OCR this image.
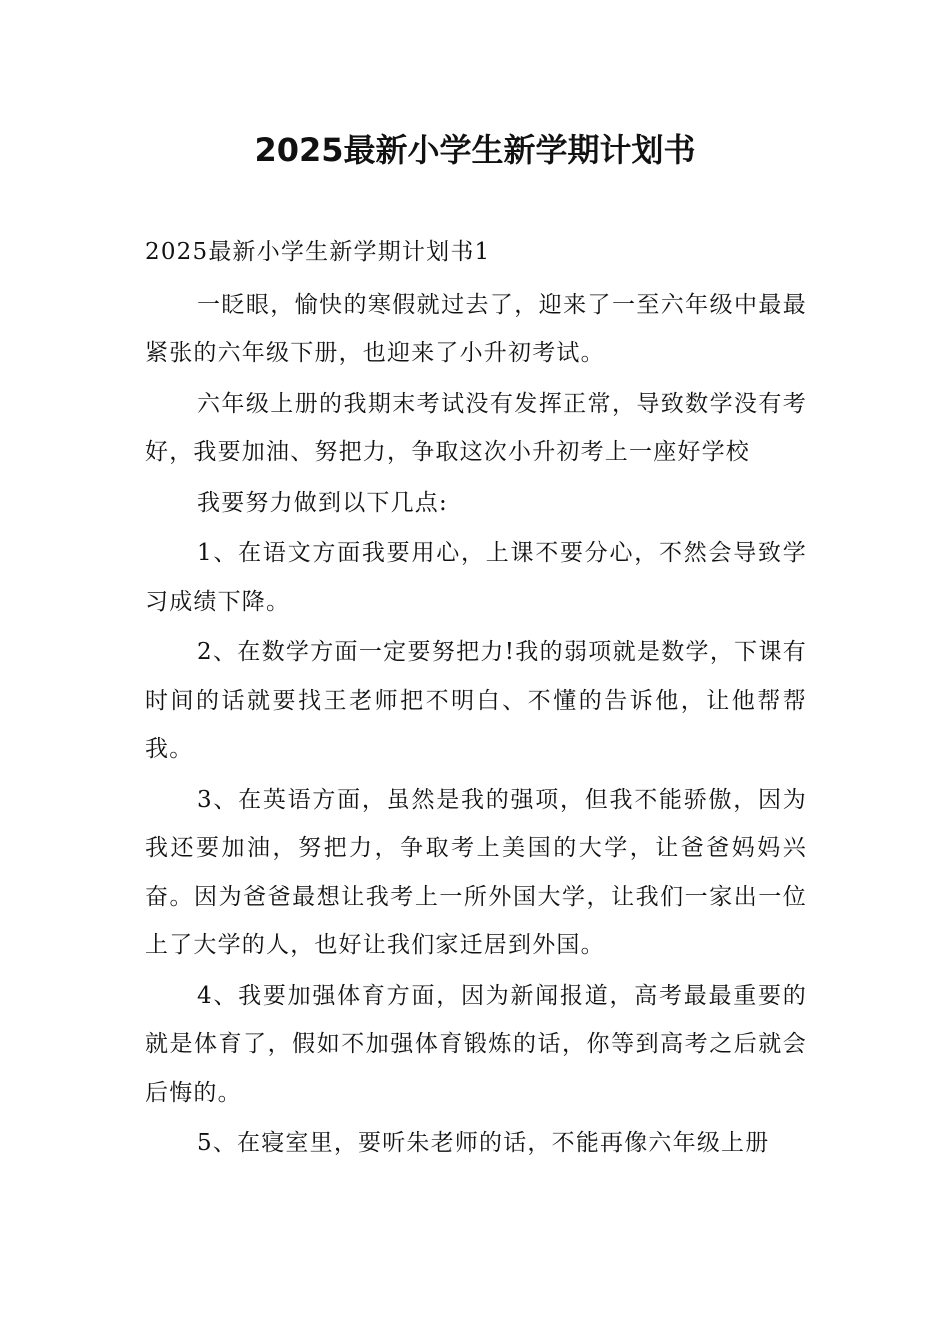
2025最新小学生新学期计划书

2025最新小学生新学期计划书1

一眨眼，愉快的寒假就过去了，迎来了一至六年级中最最紧张的六年级下册，也迎来了小升初考试。

六年级上册的我期末考试没有发挥正常，导致数学没有考好，我要加油、努把力，争取这次小升初考上一座好学校

我要努力做到以下几点:

1、在语文方面我要用心，上课不要分心，不然会导致学习成绩下降。

2、在数学方面一定要努把力!我的弱项就是数学，下课有时间的话就要找王老师把不明白、不懂的告诉他，让他帮帮我。

3、在英语方面，虽然是我的强项，但我不能骄傲，因为我还要加油，努把力，争取考上美国的大学，让爸爸妈妈兴奋。因为爸爸最想让我考上一所外国大学，让我们一家出一位上了大学的人，也好让我们家迁居到外国。

4、我要加强体育方面，因为新闻报道，高考最最重要的就是体育了，假如不加强体育锻炼的话，你等到高考之后就会后悔的。

5、在寝室里，要听朱老师的话，不能再像六年级上册
